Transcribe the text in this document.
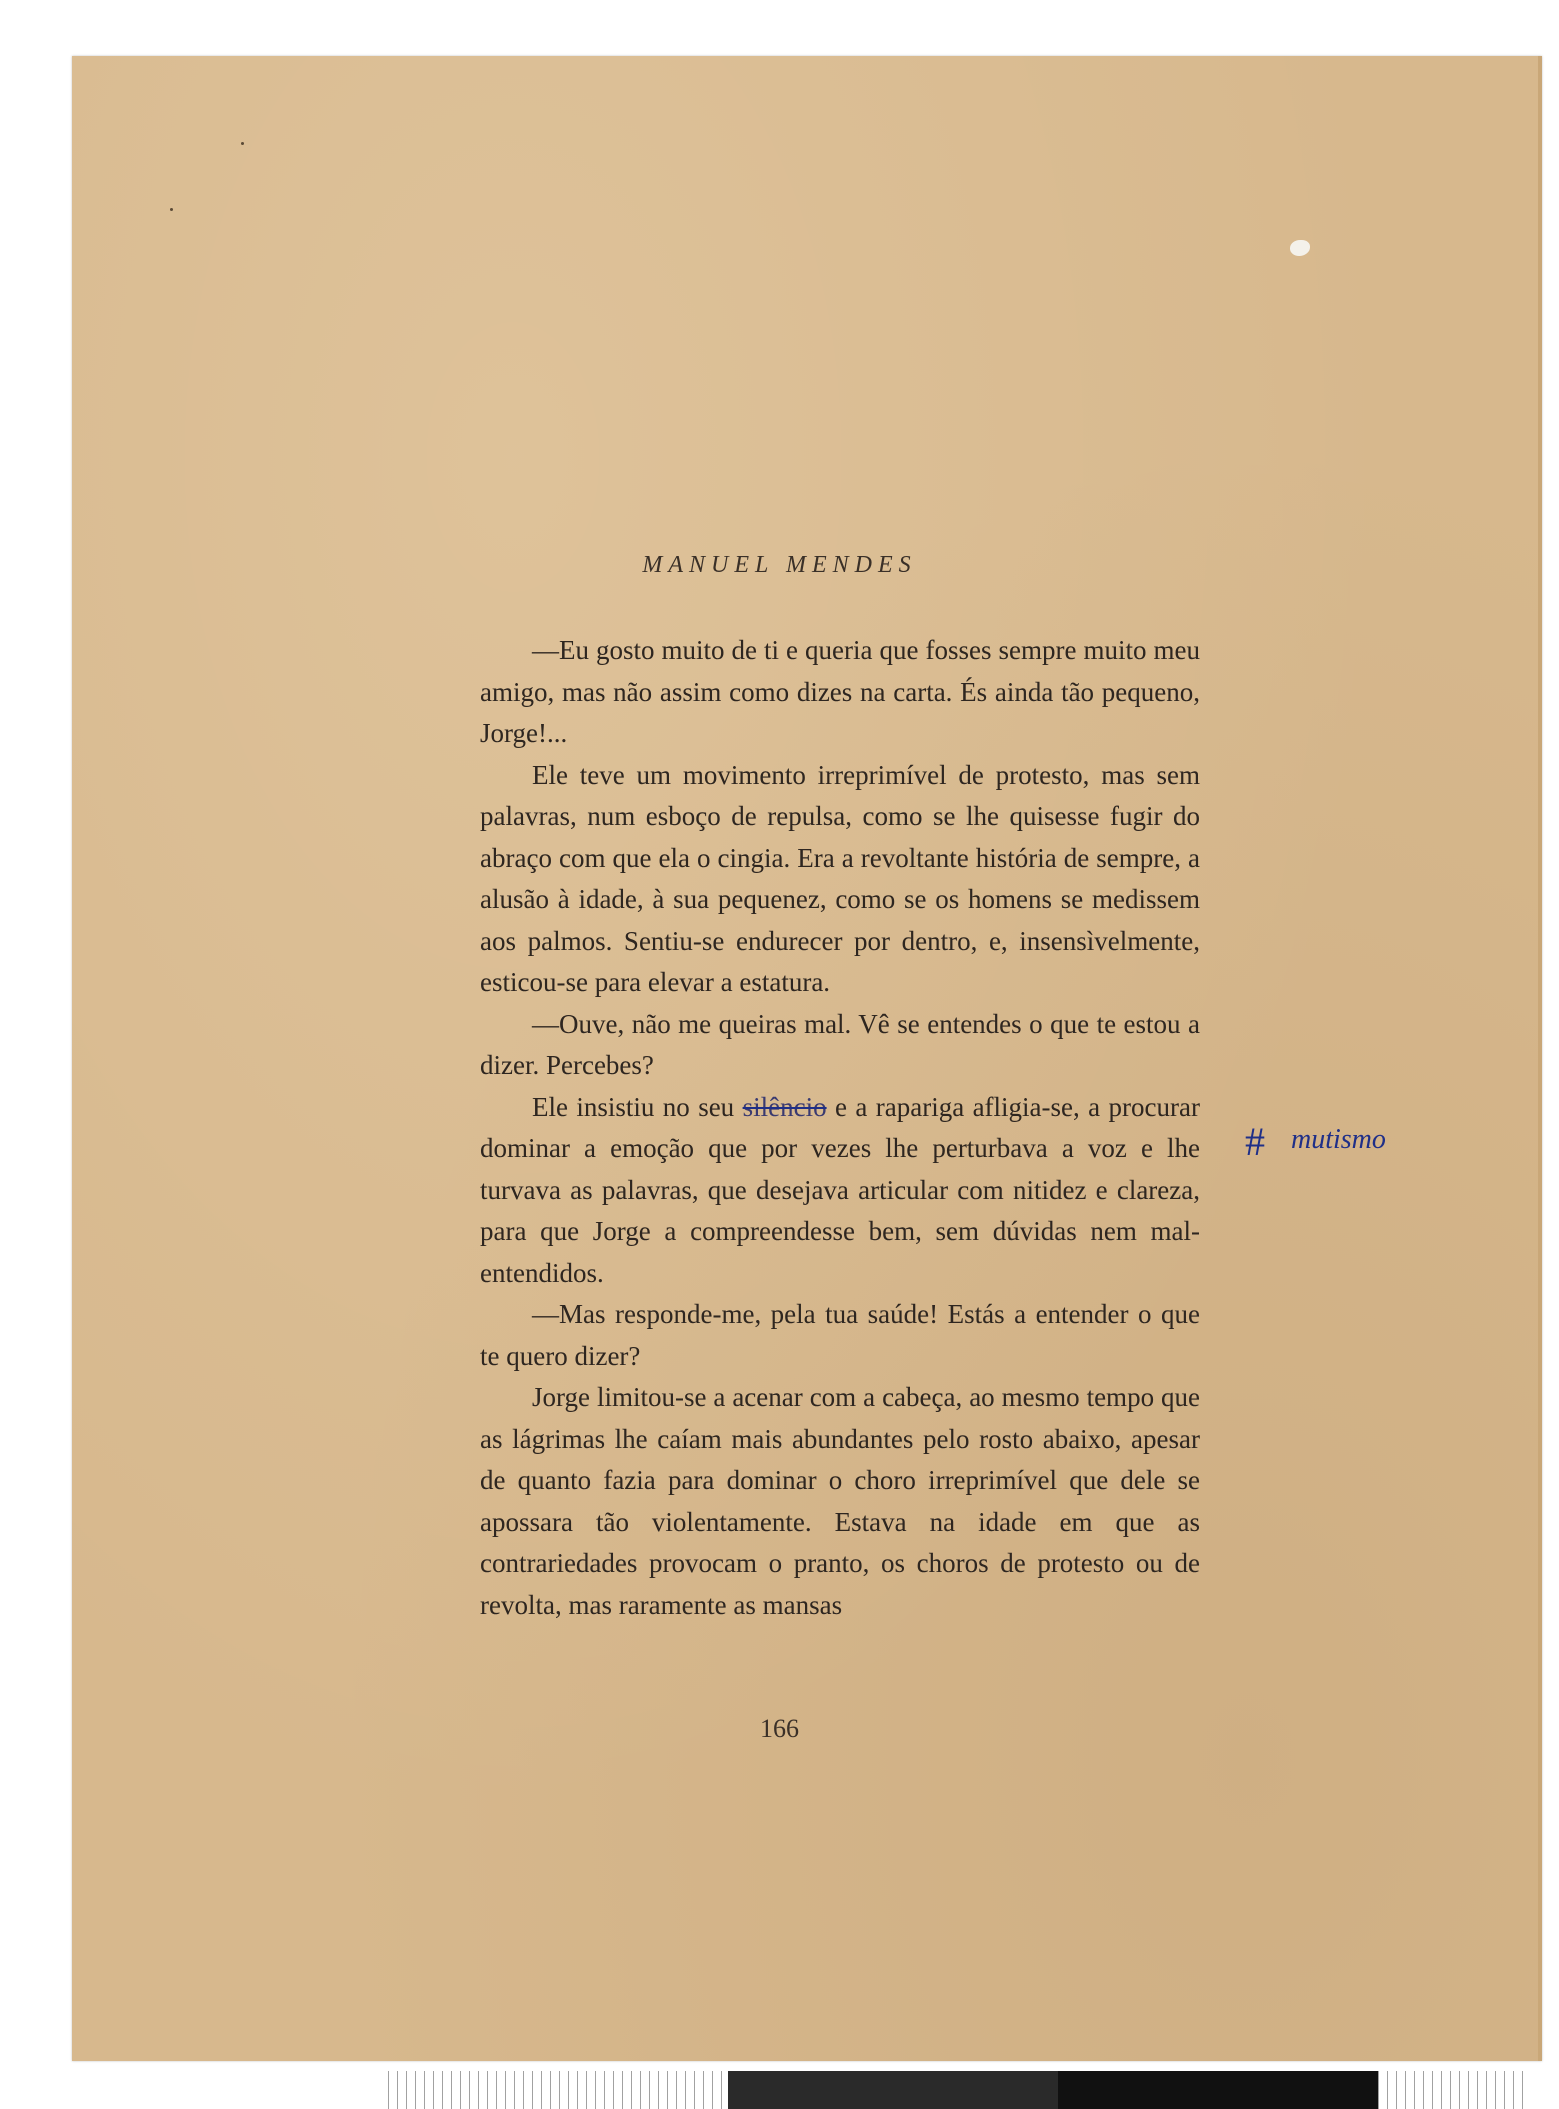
MANUEL MENDES

—Eu gosto muito de ti e queria que fosses sempre muito meu amigo, mas não assim como dizes na carta. És ainda tão pequeno, Jorge!...

Ele teve um movimento irreprimível de protesto, mas sem palavras, num esboço de repulsa, como se lhe quisesse fugir do abraço com que ela o cingia. Era a revoltante história de sempre, a alusão à idade, à sua pequenez, como se os homens se medissem aos palmos. Sentiu-se endurecer por dentro, e, insensìvelmente, esticou-se para elevar a estatura.

—Ouve, não me queiras mal. Vê se entendes o que te estou a dizer. Percebes?

Ele insistiu no seu silêncio e a rapariga afligia-se, a procurar dominar a emoção que por vezes lhe perturbava a voz e lhe turvava as palavras, que desejava articular com nitidez e clareza, para que Jorge a compreendesse bem, sem dúvidas nem mal-entendidos.

—Mas responde-me, pela tua saúde! Estás a entender o que te quero dizer?

Jorge limitou-se a acenar com a cabeça, ao mesmo tempo que as lágrimas lhe caíam mais abundantes pelo rosto abaixo, apesar de quanto fazia para dominar o choro irreprimível que dele se apossara tão violentamente. Estava na idade em que as contrariedades provocam o pranto, os choros de protesto ou de revolta, mas raramente as mansas

# mutismo
166
